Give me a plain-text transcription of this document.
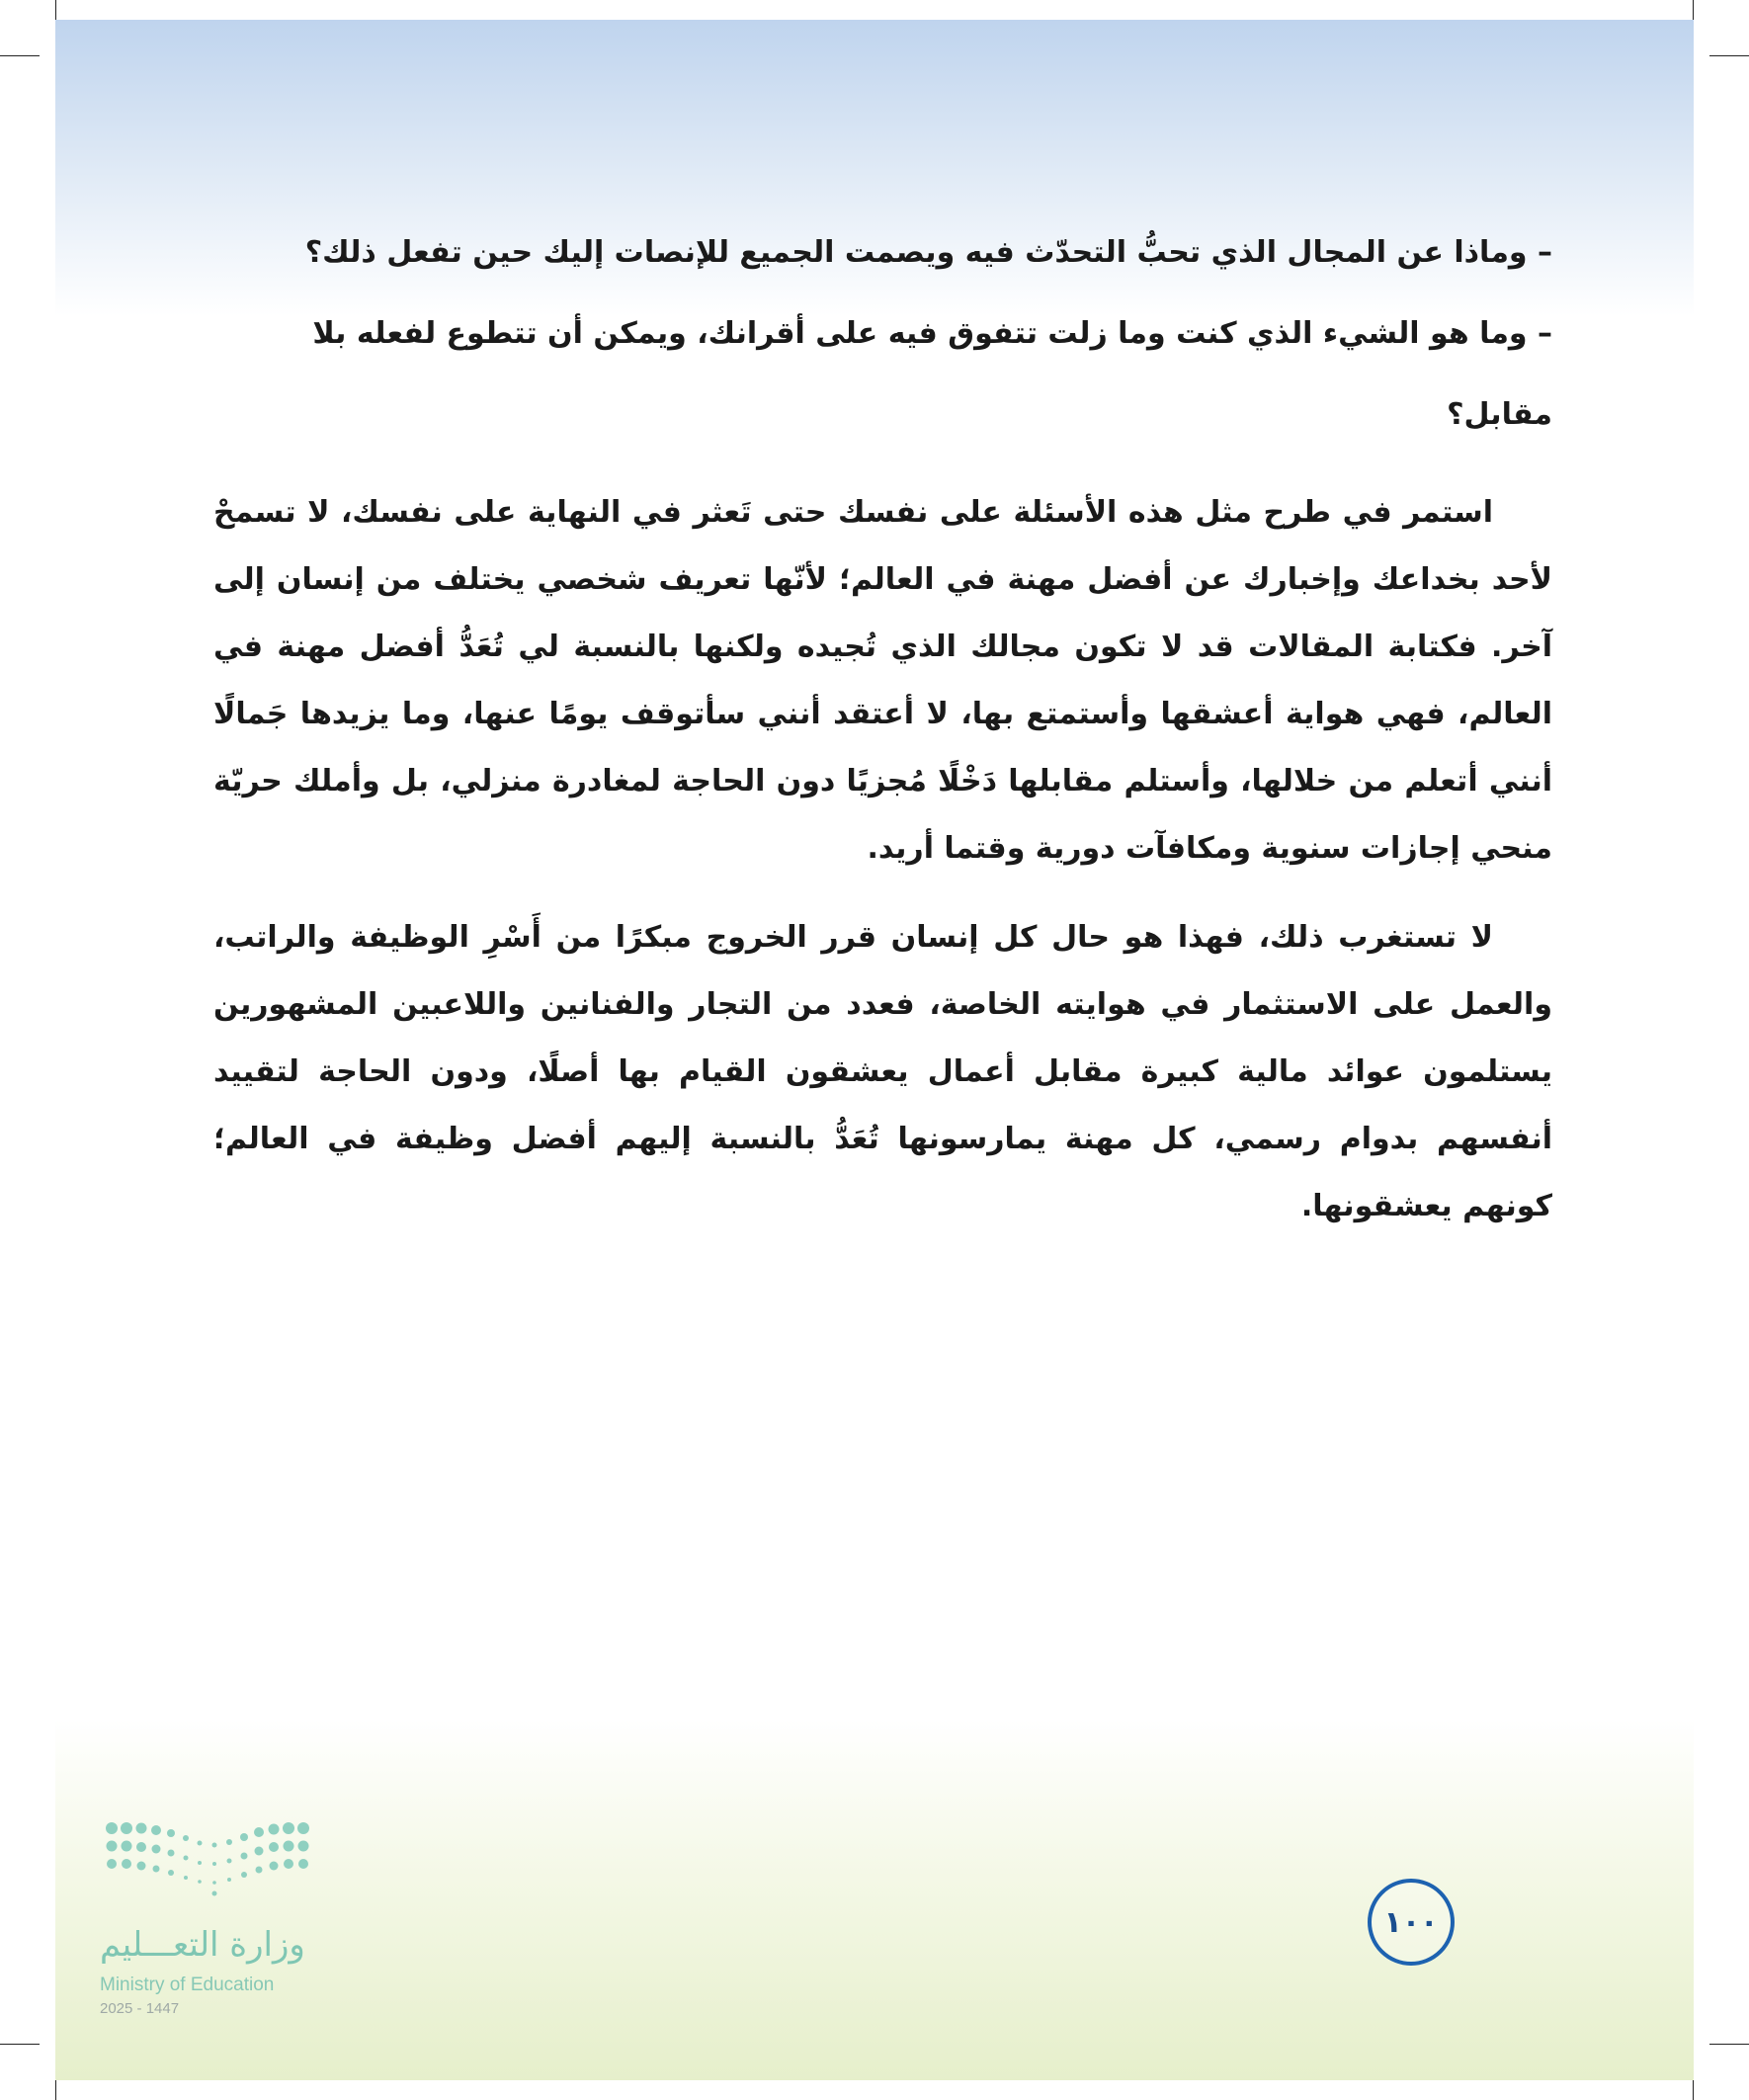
– وماذا عن المجال الذي تحبُّ التحدّث فيه ويصمت الجميع للإنصات إليك حين تفعل ذلك؟

– وما هو الشيء الذي كنت وما زلت تتفوق فيه على أقرانك، ويمكن أن تتطوع لفعله بلا مقابل؟

استمر في طرح مثل هذه الأسئلة على نفسك حتى تَعثر في النهاية على نفسك، لا تسمحْ لأحد بخداعك وإخبارك عن أفضل مهنة في العالم؛ لأنّها تعريف شخصي يختلف من إنسان إلى آخر. فكتابة المقالات قد لا تكون مجالك الذي تُجيده ولكنها بالنسبة لي تُعَدُّ أفضل مهنة في العالم، فهي هواية أعشقها وأستمتع بها، لا أعتقد أنني سأتوقف يومًا عنها، وما يزيدها جَمالًا أنني أتعلم من خلالها، وأستلم مقابلها دَخْلًا مُجزيًا دون الحاجة لمغادرة منزلي، بل وأملك حريّة منحي إجازات سنوية ومكافآت دورية وقتما أريد.

لا تستغرب ذلك، فهذا هو حال كل إنسان قرر الخروج مبكرًا من أَسْرِ الوظيفة والراتب، والعمل على الاستثمار في هوايته الخاصة، فعدد من التجار والفنانين واللاعبين المشهورين يستلمون عوائد مالية كبيرة مقابل أعمال يعشقون القيام بها أصلًا، ودون الحاجة لتقييد أنفسهم بدوام رسمي، كل مهنة يمارسونها تُعَدُّ بالنسبة إليهم أفضل وظيفة في العالم؛ كونهم يعشقونها.

١٠٠
وزارة التعـــليم
Ministry of Education
2025 - 1447
